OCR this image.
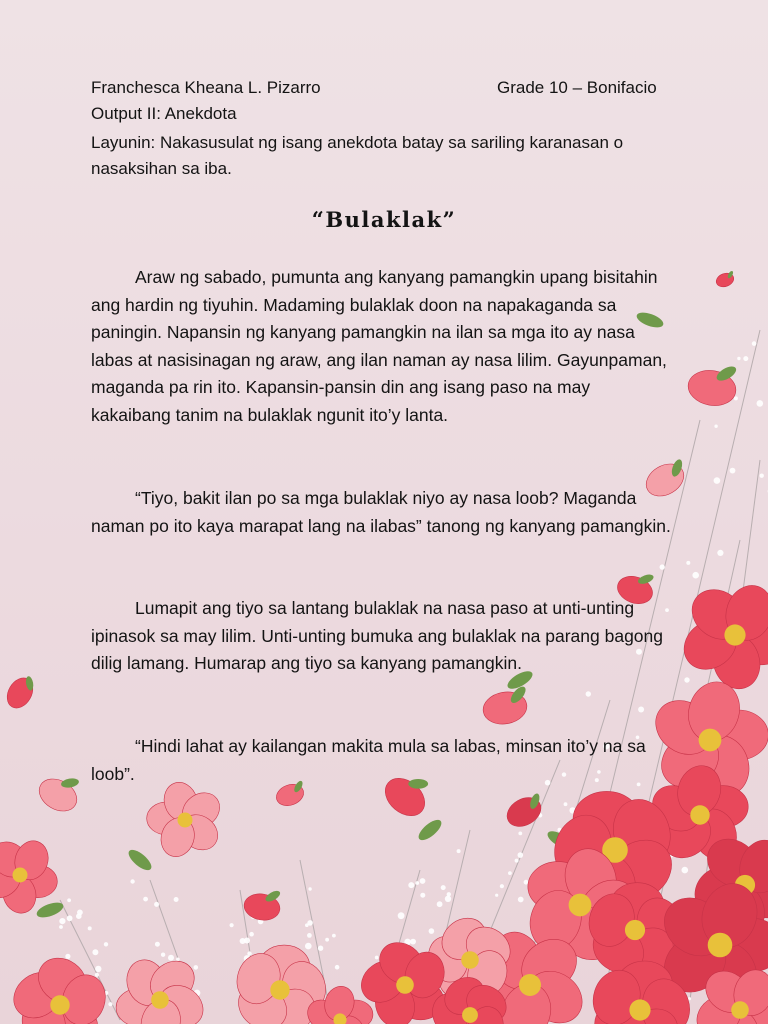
Franchesca Kheana L. Pizarro	Grade 10 – Bonifacio
Output II: Anekdota
Layunin: Nakasusulat ng isang anekdota batay sa sariling karanasan o nasaksihan sa iba.
“Bulaklak”

Araw ng sabado, pumunta ang kanyang pamangkin upang bisitahin ang hardin ng tiyuhin. Madaming bulaklak doon na napakaganda sa paningin. Napansin ng kanyang pamangkin na ilan sa mga ito ay nasa labas at nasisinagan ng araw, ang ilan naman ay nasa lilim. Gayunpaman, maganda pa rin ito. Kapansin-pansin din ang isang paso na may kakaibang tanim na bulaklak ngunit ito’y lanta.

“Tiyo, bakit ilan po sa mga bulaklak niyo ay nasa loob? Maganda naman po ito kaya marapat lang na ilabas” tanong ng kanyang pamangkin.

Lumapit ang tiyo sa lantang bulaklak na nasa paso at unti-unting ipinasok sa may lilim. Unti-unting bumuka ang bulaklak na parang bagong dilig lamang. Humarap ang tiyo sa kanyang pamangkin.

“Hindi lahat ay kailangan makita mula sa labas, minsan ito’y na sa loob”.
